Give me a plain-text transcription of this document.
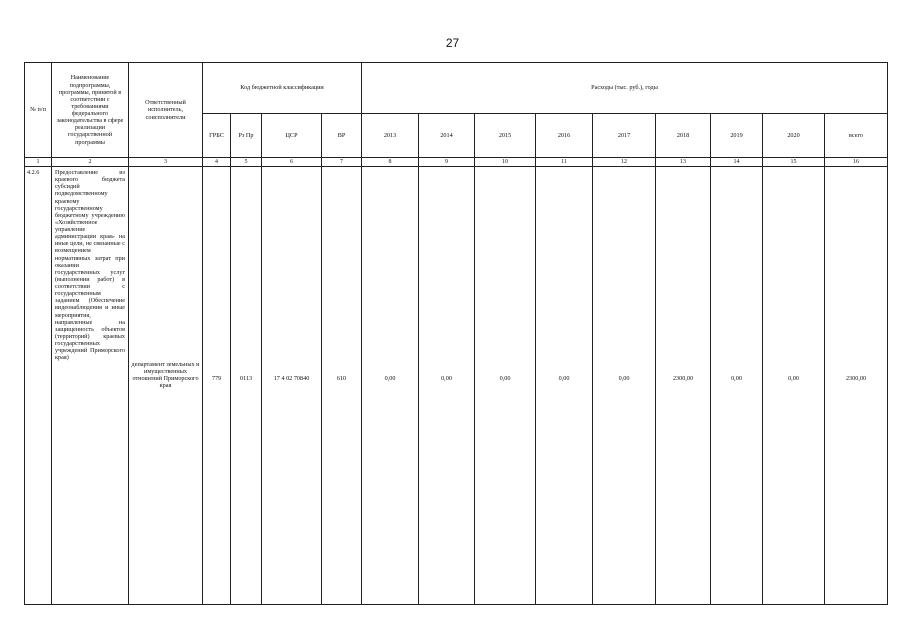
27
№ п/п	Наименование подпрограммы, программы, принятой в соответствии с требованиями федерального законодательства в сфере реализации государственной программы	Ответственный исполнитель, соисполнители	Код бюджетной классификации				Расходы (тыс. руб.), годы								
			ГРБС	Рз Пр	ЦСР	ВР	2013	2014	2015	2016	2017	2018	2019	2020	всего
1	2	3	4	5	6	7	8	9	10	11	12	13	14	15	16
4.2.6	Предоставление из краевого бюджета субсидий подведомственному краевому государственному бюджетному учреждению «Хозяйственное управление администрации края» на иные цели, не связанные с возмещением нормативных затрат при оказании государственных услуг (выполнении работ) в соответствии с государственным заданием (Обеспечение видеонаблюдения и иные мероприятия, направленные на защищенность объектов (территорий) краевых государственных учреждений Приморского края)	департамент земельных и имущественных отношений Приморского края	779	0113	17 4 02 70840	610	0,00	0,00	0,00	0,00	0,00	2300,00	0,00	0,00	2300,00
